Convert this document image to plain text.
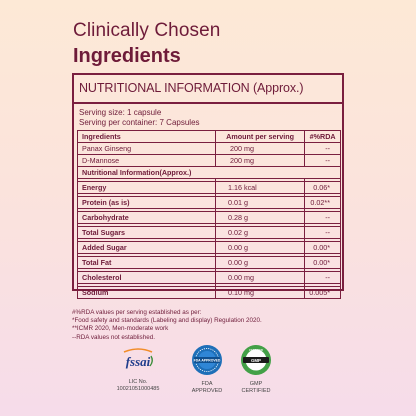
Clinically Chosen
Ingredients
NUTRITIONAL INFORMATION (Approx.)
Serving size: 1 capsule
Serving per container: 7 Capsules
Ingredients	Amount per serving	#%RDA
Panax Ginseng	200 mg	--
D-Mannose	200 mg	--
Nutritional Information(Approx.)		

Energy	1.16 kcal	0.06*

Protein (as is)	0.01 g	0.02**

Carbohydrate	0.28 g	--

Total Sugars	0.02 g	--

Added Sugar	0.00 g	0.00*

Total Fat	0.00 g	0.00*

Cholesterol	0.00 mg	--

Sodium	0.10 mg	0.005*
#%RDA values per serving established as per:
*Food safety and standards (Labeling and display) Regulation 2020.
**ICMR 2020, Men-moderate work
--RDA values not established.
fssai
LIC No.
10021051000485
FDA APPROVED
FDA
APPROVED
GMP
CERTIFIED
GMP
CERTIFIED
